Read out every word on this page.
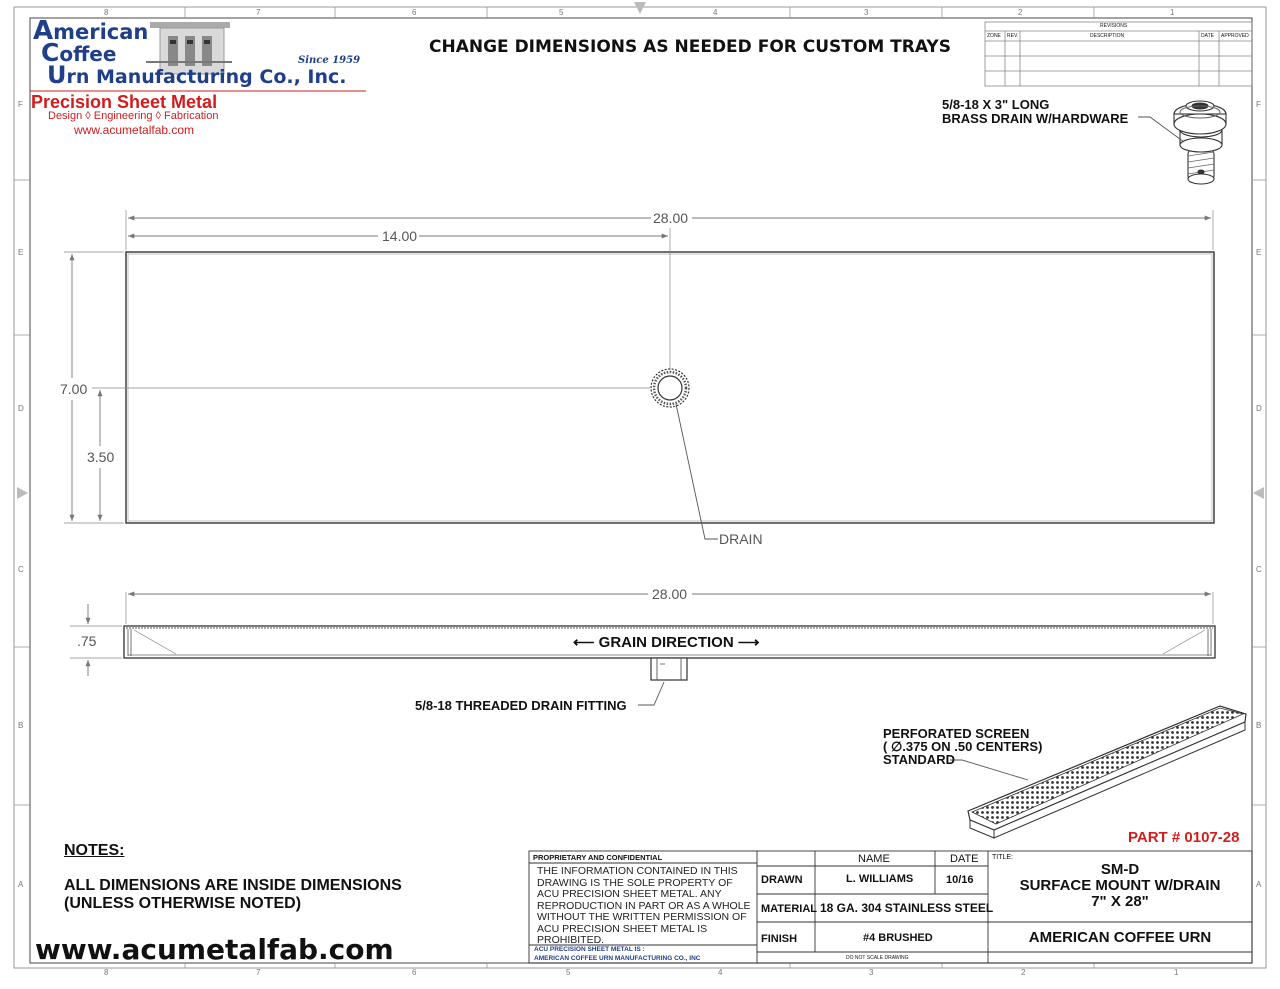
8	7	6	5	4	3	2	1
8	7	6	5	4	3	2	1
F
E
D
C
B
A
F
E
D
C
B
A
American
Coffee
Urn Manufacturing Co., Inc.
Since 1959
Precision Sheet Metal
Design ◊ Engineering ◊ Fabrication
www.acumetalfab.com
CHANGE DIMENSIONS AS NEEDED FOR CUSTOM TRAYS
REVISIONS
ZONE REV.	DESCRIPTION	DATE APPROVED
5/8-18 X 3" LONG
BRASS DRAIN W/HARDWARE
28.00
14.00
7.00
3.50
DRAIN
28.00
.75	⟵ GRAIN DIRECTION ⟶
5/8-18 THREADED DRAIN FITTING
PERFORATED SCREEN
( ∅.375 ON .50 CENTERS)
STANDARD
PART # 0107-28
NOTES:
ALL DIMENSIONS ARE INSIDE DIMENSIONS
(UNLESS OTHERWISE NOTED)
www.acumetalfab.com
PROPRIETARY AND CONFIDENTIAL
THE INFORMATION CONTAINED IN THIS
DRAWING IS THE SOLE PROPERTY OF
ACU PRECISION SHEET METAL. ANY
REPRODUCTION IN PART OR AS A WHOLE
WITHOUT THE WRITTEN PERMISSION OF
ACU PRECISION SHEET METAL IS
PROHIBITED.
ACU PRECISION SHEET METAL IS :
AMERICAN COFFEE URN MANUFACTURING CO., INC
NAME	DATE
DRAWN	L. WILLIAMS	10/16
MATERIAL 18 GA. 304 STAINLESS STEEL
FINISH	#4 BRUSHED
DO NOT SCALE DRAWING
TITLE:
SM-D
SURFACE MOUNT W/DRAIN
7" X 28"
AMERICAN COFFEE URN
